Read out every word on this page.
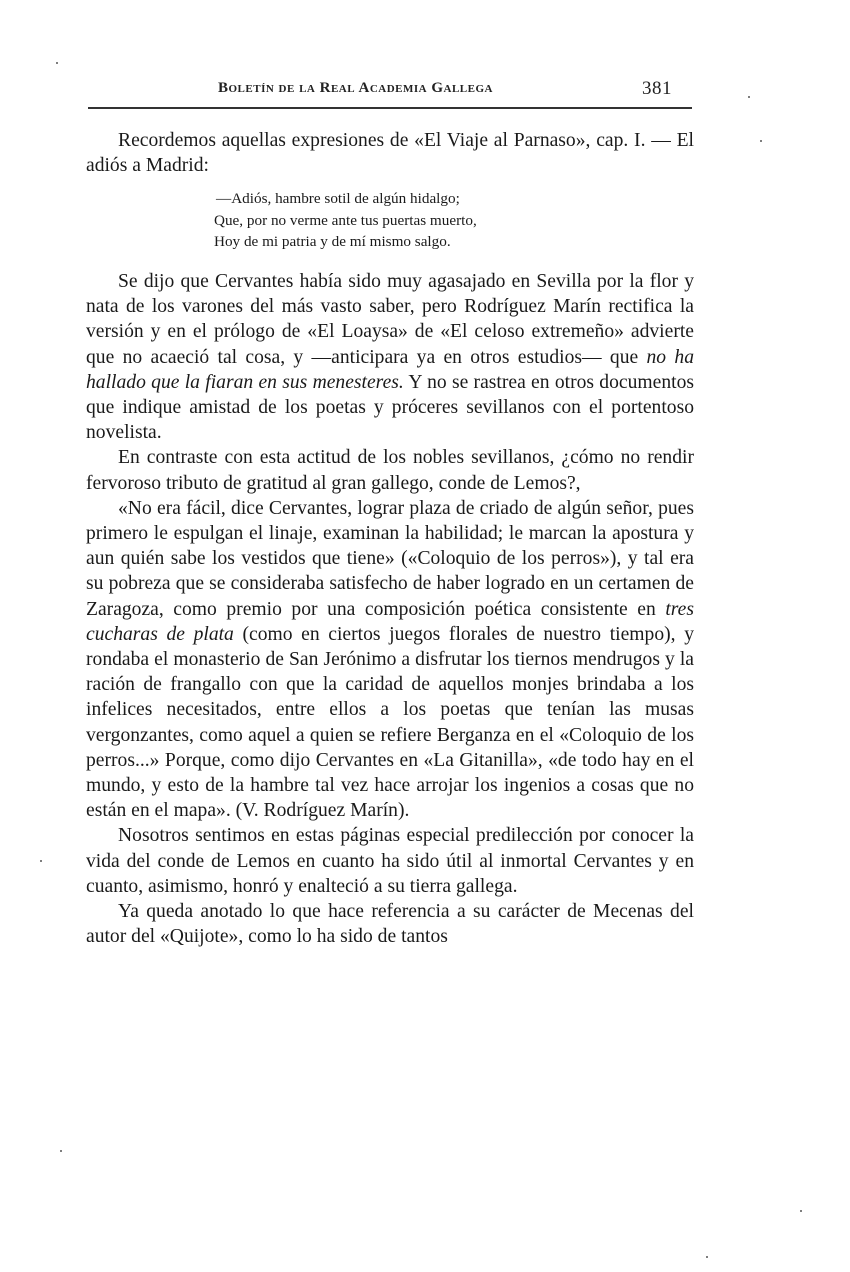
Boletín de la Real Academia Gallega	381

Recordemos aquellas expresiones de «El Viaje al Parnaso», cap. I. — El adiós a Madrid:

—Adiós, hambre sotil de algún hidalgo;
Que, por no verme ante tus puertas muerto,
Hoy de mi patria y de mí mismo salgo.

Se dijo que Cervantes había sido muy agasajado en Sevilla por la flor y nata de los varones del más vasto saber, pero Rodríguez Marín rectifica la versión y en el prólogo de «El Loaysa» de «El celoso extremeño» advierte que no acaeció tal cosa, y —anticipara ya en otros estudios— que no ha hallado que la fiaran en sus menesteres. Y no se rastrea en otros documentos que indique amistad de los poetas y próceres sevillanos con el portentoso novelista.

En contraste con esta actitud de los nobles sevillanos, ¿cómo no rendir fervoroso tributo de gratitud al gran gallego, conde de Lemos?,

«No era fácil, dice Cervantes, lograr plaza de criado de algún señor, pues primero le espulgan el linaje, examinan la habilidad; le marcan la apostura y aun quién sabe los vestidos que tiene» («Coloquio de los perros»), y tal era su pobreza que se consideraba satisfecho de haber logrado en un certamen de Zaragoza, como premio por una composición poética consistente en tres cucharas de plata (como en ciertos juegos florales de nuestro tiempo), y rondaba el monasterio de San Jerónimo a disfrutar los tiernos mendrugos y la ración de frangallo con que la caridad de aquellos monjes brindaba a los infelices necesitados, entre ellos a los poetas que tenían las musas vergonzantes, como aquel a quien se refiere Berganza en el «Coloquio de los perros...» Porque, como dijo Cervantes en «La Gitanilla», «de todo hay en el mundo, y esto de la hambre tal vez hace arrojar los ingenios a cosas que no están en el mapa». (V. Rodríguez Marín).

Nosotros sentimos en estas páginas especial predilección por conocer la vida del conde de Lemos en cuanto ha sido útil al inmortal Cervantes y en cuanto, asimismo, honró y enalteció a su tierra gallega.

Ya queda anotado lo que hace referencia a su carácter de Mecenas del autor del «Quijote», como lo ha sido de tantos
